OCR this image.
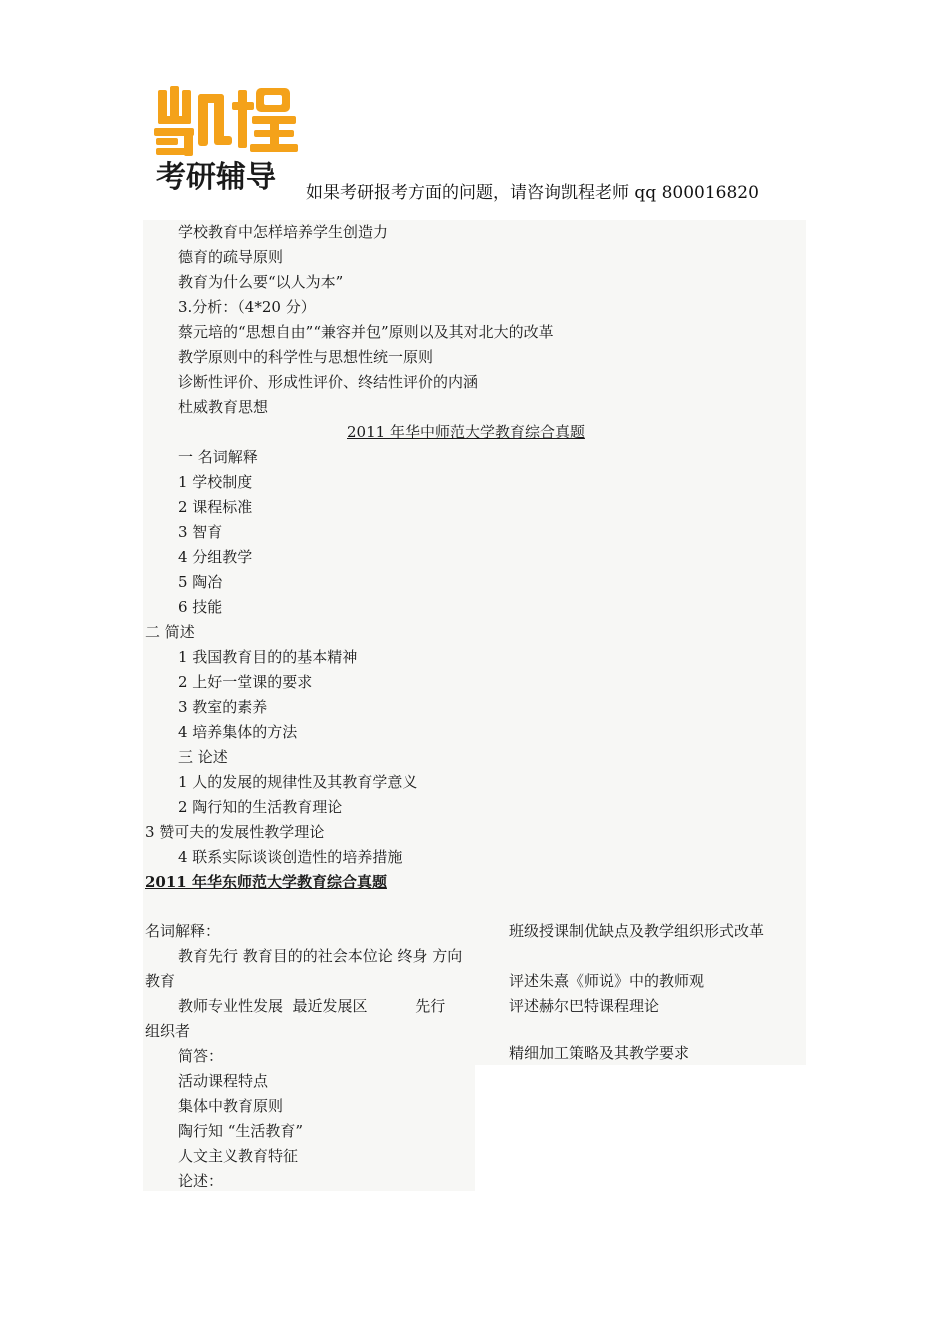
考研辅导	如果考研报考方面的问题，请咨询凯程老师 qq 800016820
学校教育中怎样培养学生创造力
德育的疏导原则
教育为什么要“以人为本”
3.分析：（4*20 分）
蔡元培的“思想自由”“兼容并包”原则以及其对北大的改革
教学原则中的科学性与思想性统一原则
诊断性评价、形成性评价、终结性评价的内涵
杜威教育思想
2011 年华中师范大学教育综合真题
一 名词解释
1 学校制度
2 课程标准
3 智育
4 分组教学
5 陶冶
6 技能
二 简述
1 我国教育目的的基本精神
2 上好一堂课的要求
3 教室的素养
4 培养集体的方法
三 论述
1 人的发展的规律性及其教育学意义
2 陶行知的生活教育理论
3 赞可夫的发展性教学理论
4 联系实际谈谈创造性的培养措施
2011 年华东师范大学教育综合真题
名词解释：
教育先行 教育目的的社会本位论 终身 方向
教育
教师专业性发展  最近发展区          先行
组织者
简答：
活动课程特点
集体中教育原则
陶行知 “生活教育”
人文主义教育特征
论述：
班级授课制优缺点及教学组织形式改革
评述朱熹《师说》中的教师观
评述赫尔巴特课程理论
精细加工策略及其教学要求
